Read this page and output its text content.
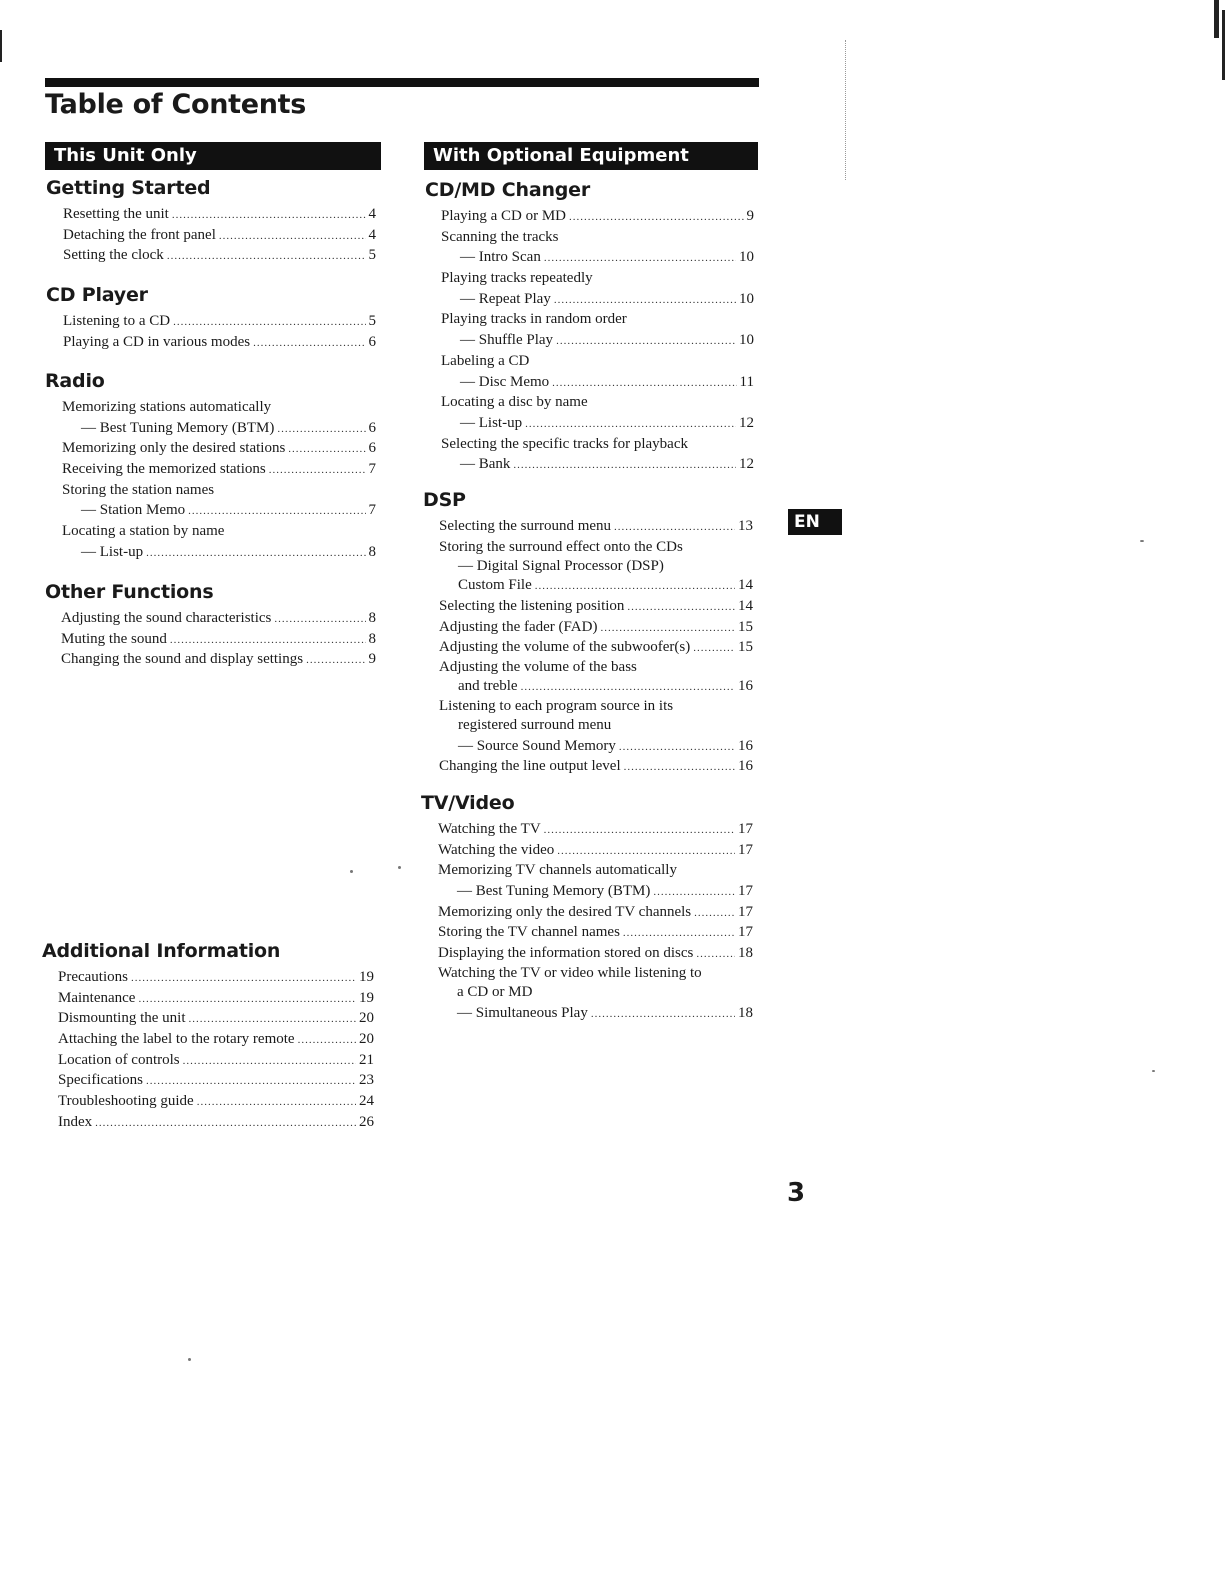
Table of Contents
This Unit Only	With Optional Equipment
Getting Started
Resetting the unit .....	4
Detaching the front panel .....	4
Setting the clock .....	5
CD Player
Listening to a CD .....	5
Playing a CD in various modes .....	6
Radio
Memorizing stations automatically
— Best Tuning Memory (BTM) .....	6
Memorizing only the desired stations .....	6
Receiving the memorized stations .....	7
Storing the station names
— Station Memo .....	7
Locating a station by name
— List-up .....	8
Other Functions
Adjusting the sound characteristics .....	8
Muting the sound .....	8
Changing the sound and display settings .....	9
Additional Information
Precautions .....	19
Maintenance .....	19
Dismounting the unit .....	20
Attaching the label to the rotary remote .....	20
Location of controls .....	21
Specifications .....	23
Troubleshooting guide .....	24
Index .....	26
CD/MD Changer
Playing a CD or MD .....	9
Scanning the tracks
— Intro Scan .....	10
Playing tracks repeatedly
— Repeat Play .....	10
Playing tracks in random order
— Shuffle Play .....	10
Labeling a CD
— Disc Memo .....	11
Locating a disc by name
— List-up .....	12
Selecting the specific tracks for playback
— Bank .....	12
DSP
Selecting the surround menu .....	13
Storing the surround effect onto the CDs
— Digital Signal Processor (DSP)
Custom File .....	14
Selecting the listening position .....	14
Adjusting the fader (FAD) .....	15
Adjusting the volume of the subwoofer(s) .....	15
Adjusting the volume of the bass
and treble .....	16
Listening to each program source in its
registered surround menu
— Source Sound Memory .....	16
Changing the line output level .....	16
TV/Video
Watching the TV .....	17
Watching the video .....	17
Memorizing TV channels automatically
— Best Tuning Memory (BTM) .....	17
Memorizing only the desired TV channels .....	17
Storing the TV channel names .....	17
Displaying the information stored on discs .....	18
Watching the TV or video while listening to
a CD or MD
— Simultaneous Play .....	18
EN
3
